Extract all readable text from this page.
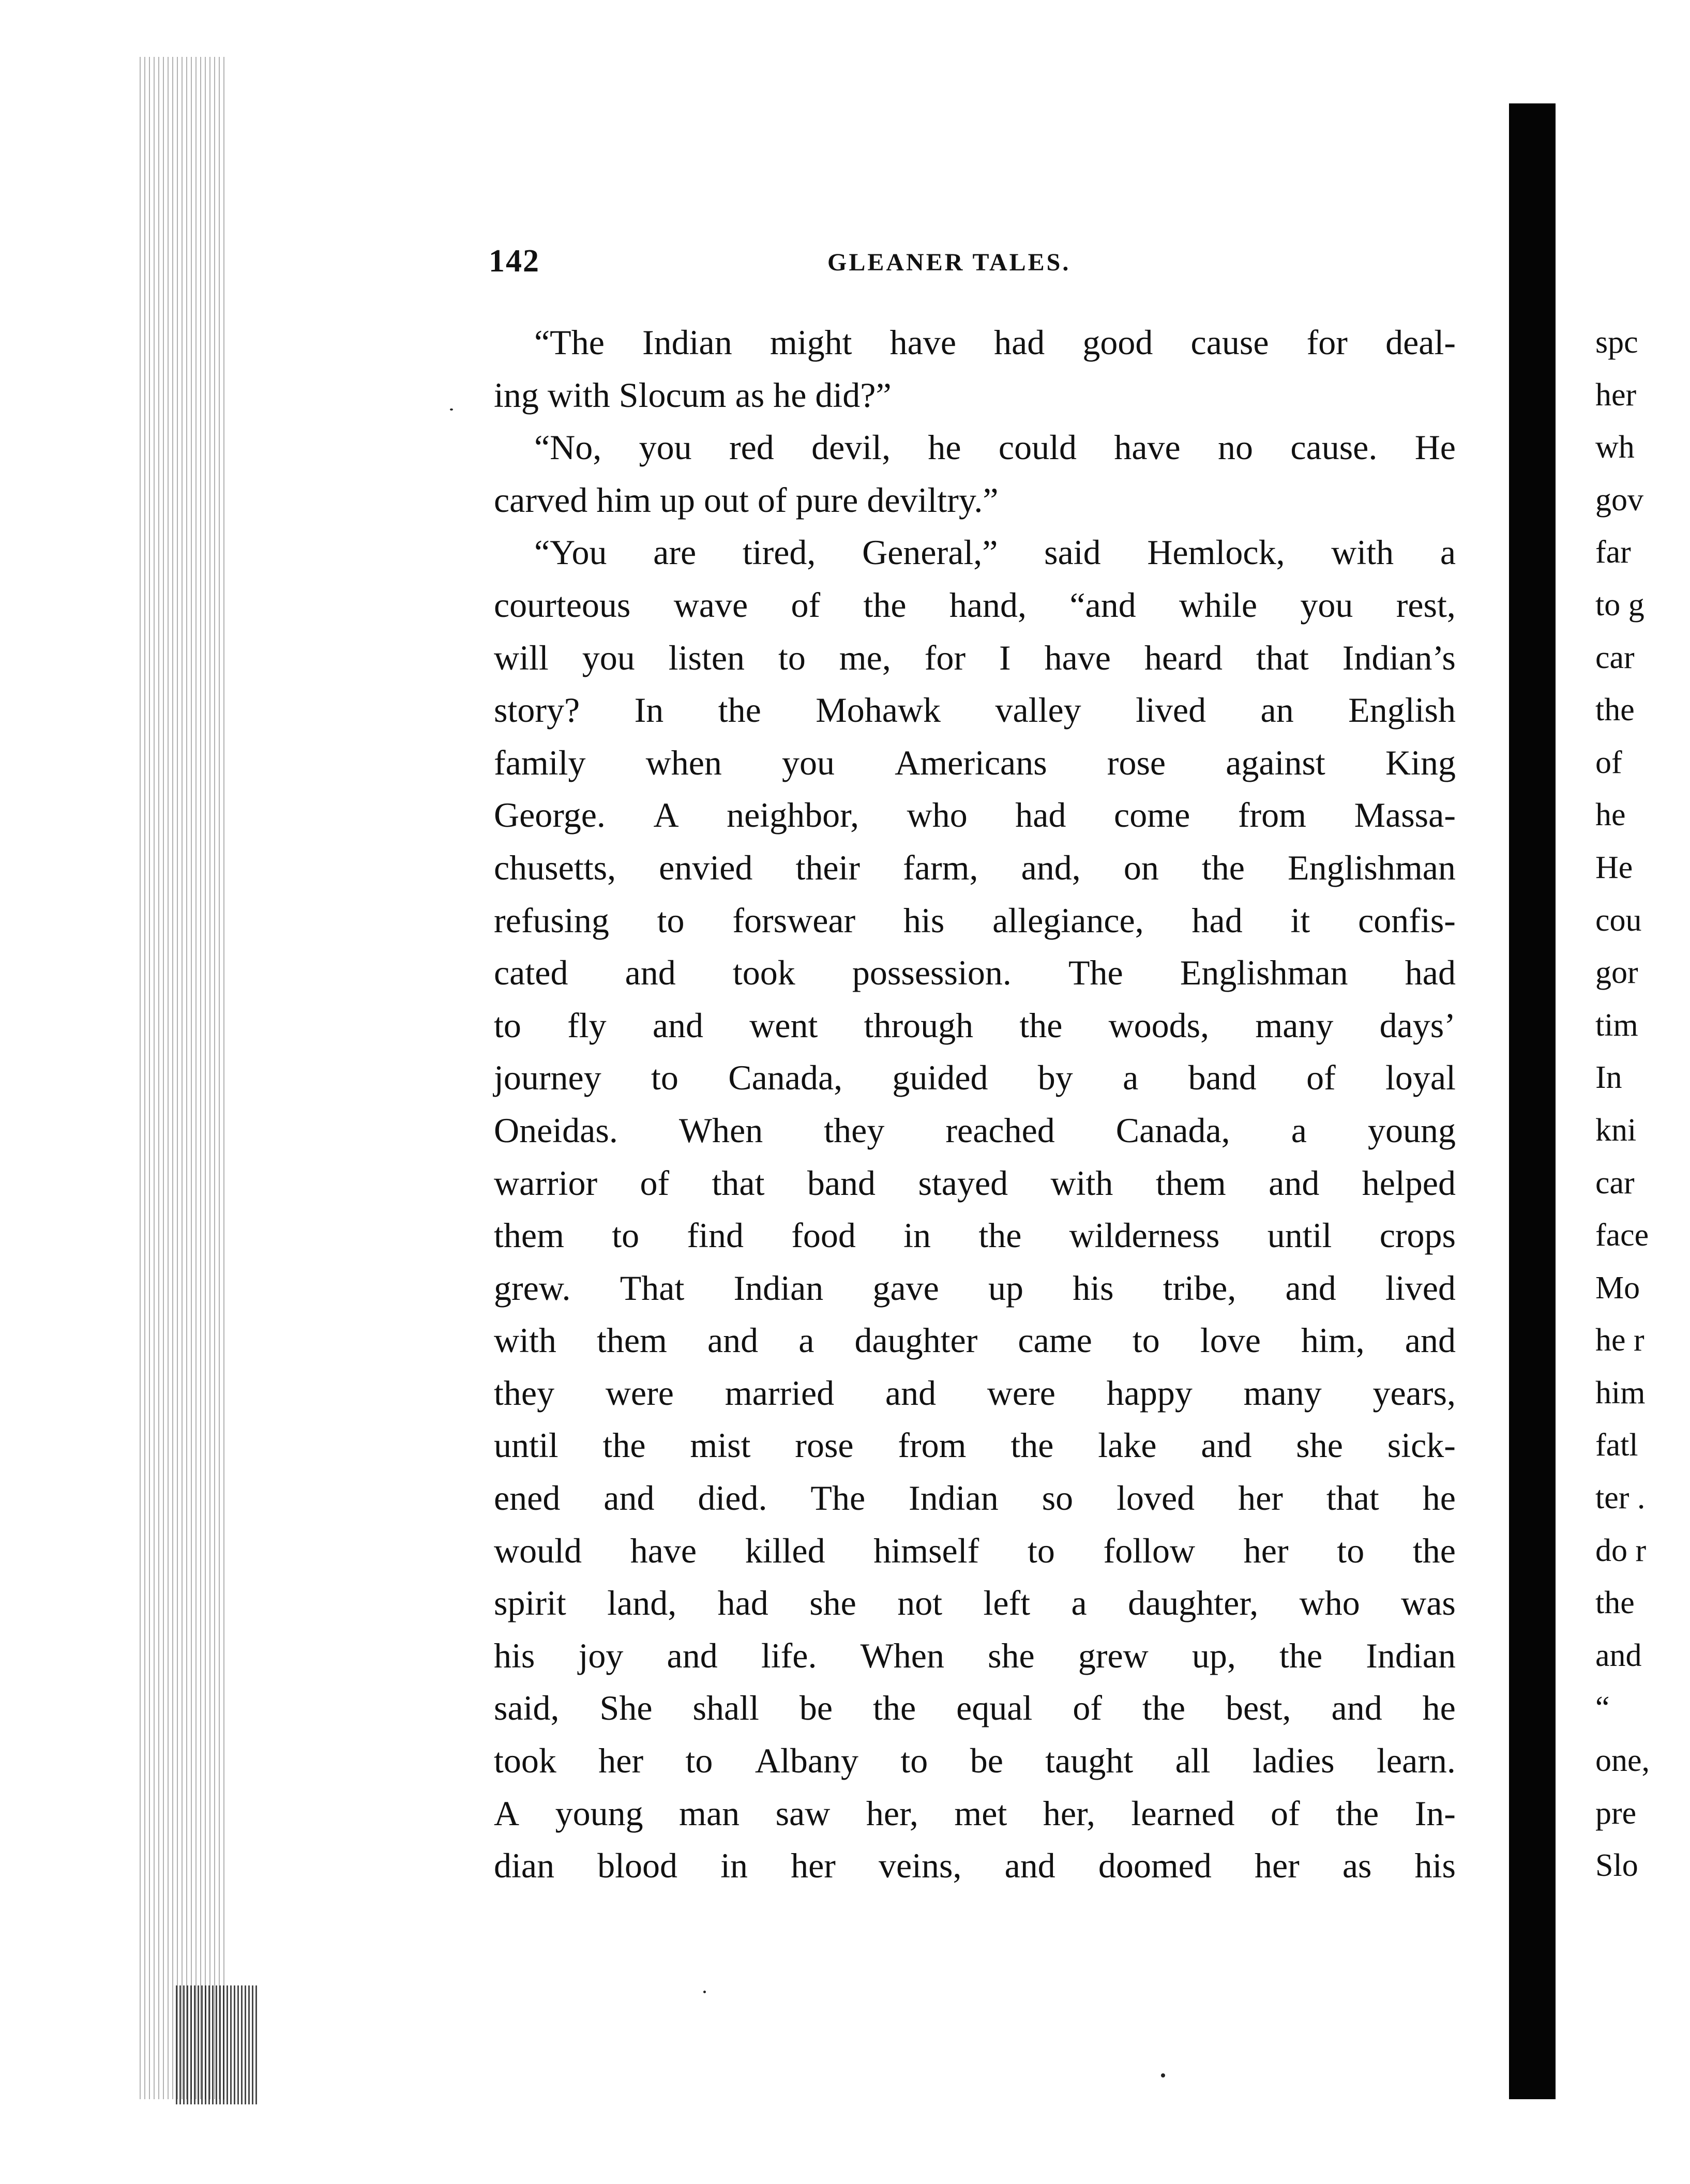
142	GLEANER TALES.
“The Indian might have had good cause for deal-
ing with Slocum as he did?”
“No, you red devil, he could have no cause. He
carved him up out of pure deviltry.”
“You are tired, General,” said Hemlock, with a
courteous wave of the hand, “and while you rest,
will you listen to me, for I have heard that Indian’s
story? In the Mohawk valley lived an English
family when you Americans rose against King
George. A neighbor, who had come from Massa-
chusetts, envied their farm, and, on the Englishman
refusing to forswear his allegiance, had it confis-
cated and took possession. The Englishman had
to fly and went through the woods, many days’
journey to Canada, guided by a band of loyal
Oneidas. When they reached Canada, a young
warrior of that band stayed with them and helped
them to find food in the wilderness until crops
grew. That Indian gave up his tribe, and lived
with them and a daughter came to love him, and
they were married and were happy many years,
until the mist rose from the lake and she sick-
ened and died. The Indian so loved her that he
would have killed himself to follow her to the
spirit land, had she not left a daughter, who was
his joy and life. When she grew up, the Indian
said, She shall be the equal of the best, and he
took her to Albany to be taught all ladies learn.
A young man saw her, met her, learned of the In-
dian blood in her veins, and doomed her as his
spc
her
wh
gov
far
to g
car
the
of
he
He
cou
gor
tim
In
kni
car
face
Mo
he r
him
fatl
ter .
do r
the
and
“
one,
pre
Slo
